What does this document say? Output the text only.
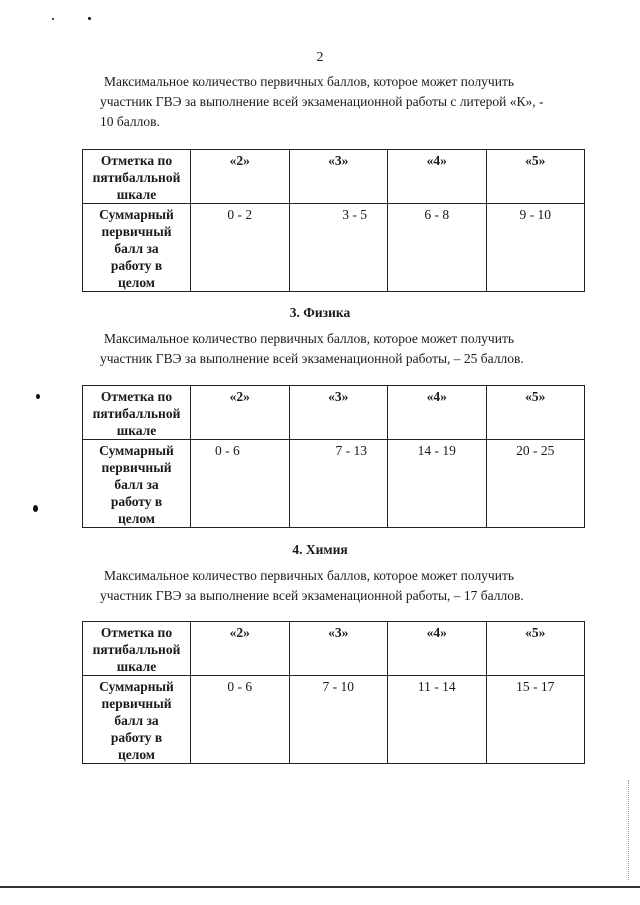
2
Максимальное количество первичных баллов, которое может получить
участник ГВЭ за выполнение всей экзаменационной работы с литерой «К», -
10 баллов.
Отметка по
пятибалльной
шкале	«2»	«3»	«4»	«5»

Суммарный
первичный
балл за
работу в
целом	0 - 2	3 - 5	6 - 8	9 - 10
3. Физика
Максимальное количество первичных баллов, которое может получить
участник ГВЭ за выполнение всей экзаменационной работы, – 25 баллов.
Отметка по
пятибалльной
шкале	«2»	«3»	«4»	«5»

Суммарный
первичный
балл за
работу в
целом	0 - 6	7 - 13	14 - 19	20 - 25
4. Химия
Максимальное количество первичных баллов, которое может получить
участник ГВЭ за выполнение всей экзаменационной работы, – 17 баллов.
Отметка по
пятибалльной
шкале	«2»	«3»	«4»	«5»

Суммарный
первичный
балл за
работу в
целом	0 - 6	7 - 10	11 - 14	15 - 17
